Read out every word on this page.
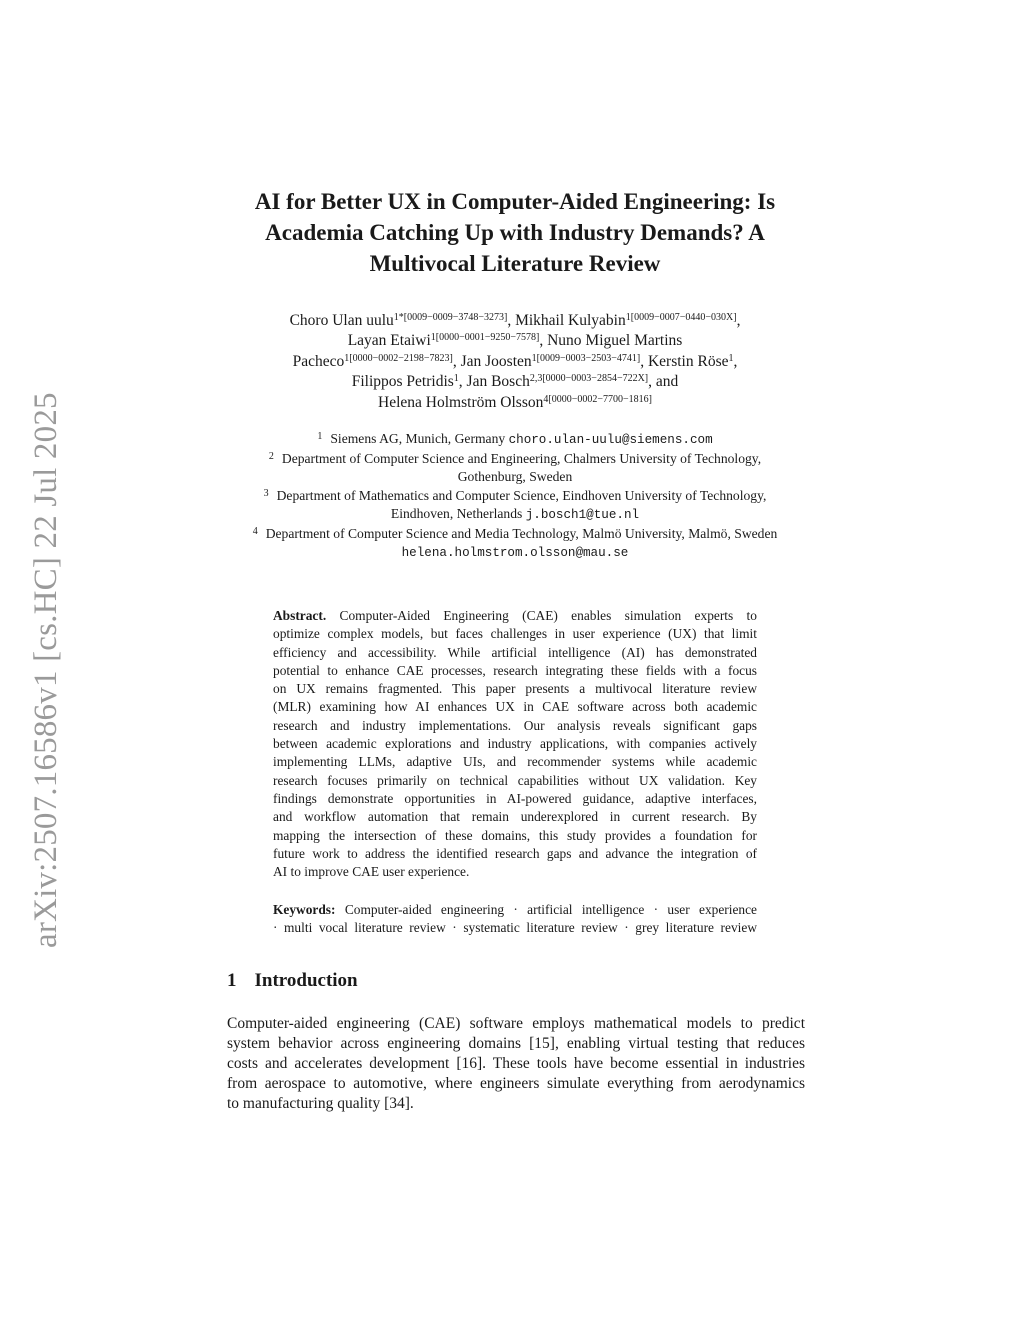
arXiv:2507.16586v1 [cs.HC] 22 Jul 2025
AI for Better UX in Computer-Aided Engineering: Is
Academia Catching Up with Industry Demands? A
Multivocal Literature Review
Choro Ulan uulu$^{1*[0009-0009-3748-3273]}$, Mikhail Kulyabin$^{1[0009-0007-0440-030X]}$,
Layan Etaiwi$^{1[0000-0001-9250-7578]}$, Nuno Miguel Martins
Pacheco$^{1[0000-0002-2198-7823]}$, Jan Joosten$^{1[0009-0003-2503-4741]}$, Kerstin Röse$^1$,
Filippos Petridis$^1$, Jan Bosch$^{2,3[0000-0003-2854-722X]}$, and
Helena Holmström Olsson$^{4[0000-0002-7700-1816]}$
$^1$ Siemens AG, Munich, Germany choro.ulan-uulu@siemens.com
$^2$ Department of Computer Science and Engineering, Chalmers University of Technology,
Gothenburg, Sweden
$^3$ Department of Mathematics and Computer Science, Eindhoven University of Technology,
Eindhoven, Netherlands j.bosch1@tue.nl
$^4$ Department of Computer Science and Media Technology, Malmö University, Malmö, Sweden
helena.holmstrom.olsson@mau.se
Abstract. Computer-Aided Engineering (CAE) enables simulation experts to
optimize complex models, but faces challenges in user experience (UX) that limit
efficiency and accessibility. While artificial intelligence (AI) has demonstrated
potential to enhance CAE processes, research integrating these fields with a focus
on UX remains fragmented. This paper presents a multivocal literature review
(MLR) examining how AI enhances UX in CAE software across both academic
research and industry implementations. Our analysis reveals significant gaps
between academic explorations and industry applications, with companies actively
implementing LLMs, adaptive UIs, and recommender systems while academic
research focuses primarily on technical capabilities without UX validation. Key
findings demonstrate opportunities in AI-powered guidance, adaptive interfaces,
and workflow automation that remain underexplored in current research. By
mapping the intersection of these domains, this study provides a foundation for
future work to address the identified research gaps and advance the integration of
AI to improve CAE user experience.
Keywords: Computer-aided engineering · artificial intelligence · user experience
· multi vocal literature review · systematic literature review · grey literature review
1 Introduction
Computer-aided engineering (CAE) software employs mathematical models to predict
system behavior across engineering domains [15], enabling virtual testing that reduces
costs and accelerates development [16]. These tools have become essential in industries
from aerospace to automotive, where engineers simulate everything from aerodynamics
to manufacturing quality [34].
